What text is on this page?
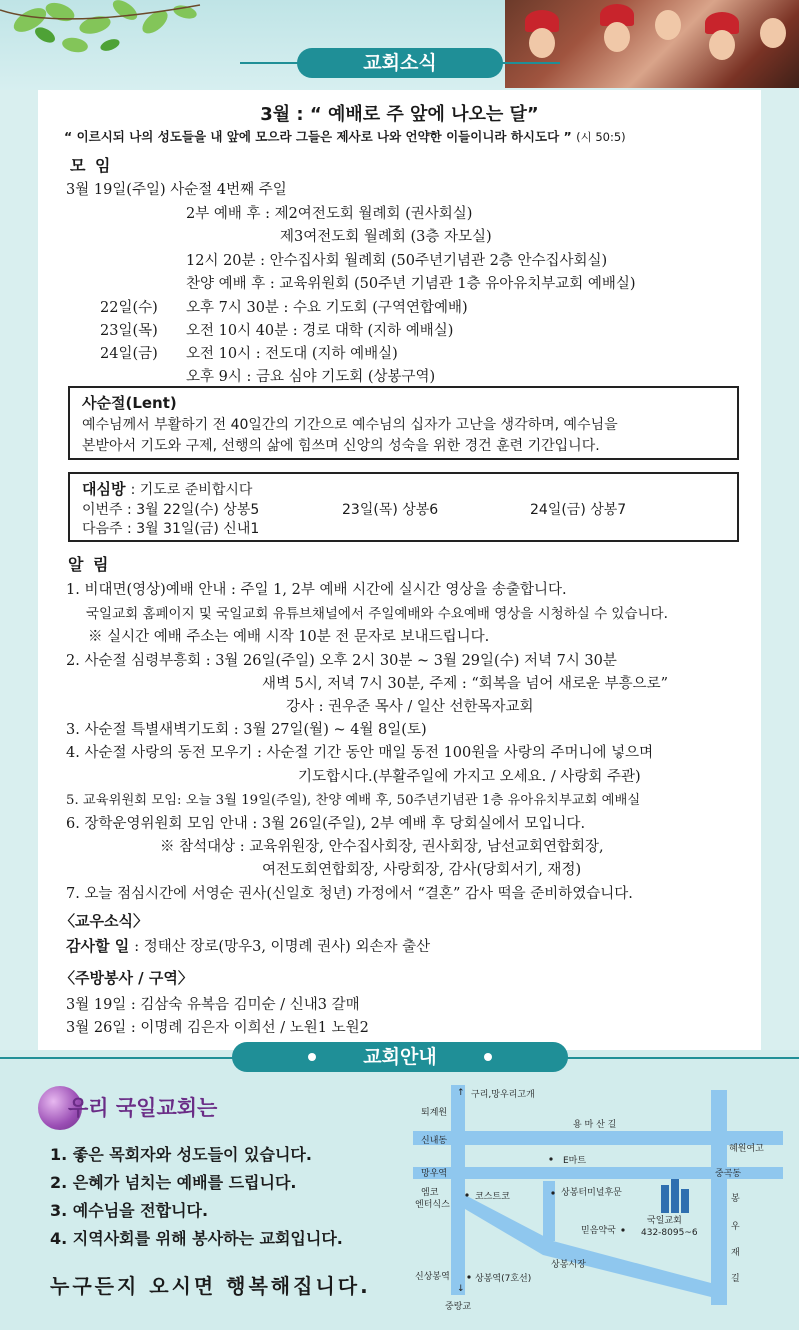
교회소식
3월 : “ 예배로 주 앞에 나오는 달”
“ 이르시되 나의 성도들을 내 앞에 모으라 그들은 제사로 나와 언약한 이들이니라 하시도다 ” (시 50:5)
모 임
3월 19일(주일) 사순절 4번째 주일
2부 예배 후 : 제2여전도회 월례회 (권사회실)
제3여전도회 월례회 (3층 자모실)
12시 20분 : 안수집사회 월례회 (50주년기념관 2층 안수집사회실)
찬양 예배 후 : 교육위원회 (50주년 기념관 1층 유아유치부교회 예배실)
22일(수) 오후 7시 30분 : 수요 기도회 (구역연합예배)
23일(목) 오전 10시 40분 : 경로 대학 (지하 예배실)
24일(금) 오전 10시 : 전도대 (지하 예배실)
오후 9시 : 금요 심야 기도회 (상봉구역)
사순절(Lent)
예수님께서 부활하기 전 40일간의 기간으로 예수님의 십자가 고난을 생각하며, 예수님을
본받아서 기도와 구제, 선행의 삶에 힘쓰며 신앙의 성숙을 위한 경건 훈련 기간입니다.
대심방 : 기도로 준비합시다
이번주 : 3월 22일(수) 상봉5	23일(목) 상봉6	24일(금) 상봉7
다음주 : 3월 31일(금) 신내1
알 림
1. 비대면(영상)예배 안내 : 주일 1, 2부 예배 시간에 실시간 영상을 송출합니다.
국일교회 홈페이지 및 국일교회 유튜브채널에서 주일예배와 수요예배 영상을 시청하실 수 있습니다.
※ 실시간 예배 주소는 예배 시작 10분 전 문자로 보내드립니다.
2. 사순절 심령부흥회 : 3월 26일(주일) 오후 2시 30분 ~ 3월 29일(수) 저녁 7시 30분
새벽 5시, 저녁 7시 30분, 주제 : “회복을 넘어 새로운 부흥으로”
강사 : 권우준 목사 / 일산 선한목자교회
3. 사순절 특별새벽기도회 : 3월 27일(월) ~ 4월 8일(토)
4. 사순절 사랑의 동전 모우기 : 사순절 기간 동안 매일 동전 100원을 사랑의 주머니에 넣으며
기도합시다.(부활주일에 가지고 오세요. / 사랑회 주관)
5. 교육위원회 모임: 오늘 3월 19일(주일), 찬양 예배 후, 50주년기념관 1층 유아유치부교회 예배실
6. 장학운영위원회 모임 안내 : 3월 26일(주일), 2부 예배 후 당회실에서 모입니다.
※ 참석대상 : 교육위원장, 안수집사회장, 권사회장, 남선교회연합회장,
여전도회연합회장, 사랑회장, 감사(당회서기, 재정)
7. 오늘 점심시간에 서영순 권사(신일호 청년) 가정에서 “결혼” 감사 떡을 준비하였습니다.
〈교우소식〉
감사할 일 : 정태산 장로(망우3, 이명례 권사) 외손자 출산
〈주방봉사 / 구역〉
3월 19일 : 김삼숙 유복음 김미순 / 신내3 갈매
3월 26일 : 이명례 김은자 이희선 / 노원1 노원2
교회안내
우리 국일교회는
1. 좋은 목회자와 성도들이 있습니다.
2. 은혜가 넘치는 예배를 드립니다.
3. 예수님을 전합니다.
4. 지역사회를 위해 봉사하는 교회입니다.
누구든지 오시면 행복해집니다.
↑ 구리,망우리고개
퇴계원
용 마 산 길
신내동
E마트
혜원여고
망우역	중곡동
엠코
엔터식스
코스트코	상봉터미널후문
믿음약국
국일교회
432-8095~6
봉
우
재
길
상봉시장
신상봉역	상봉역(7호선)
↓
중랑교
